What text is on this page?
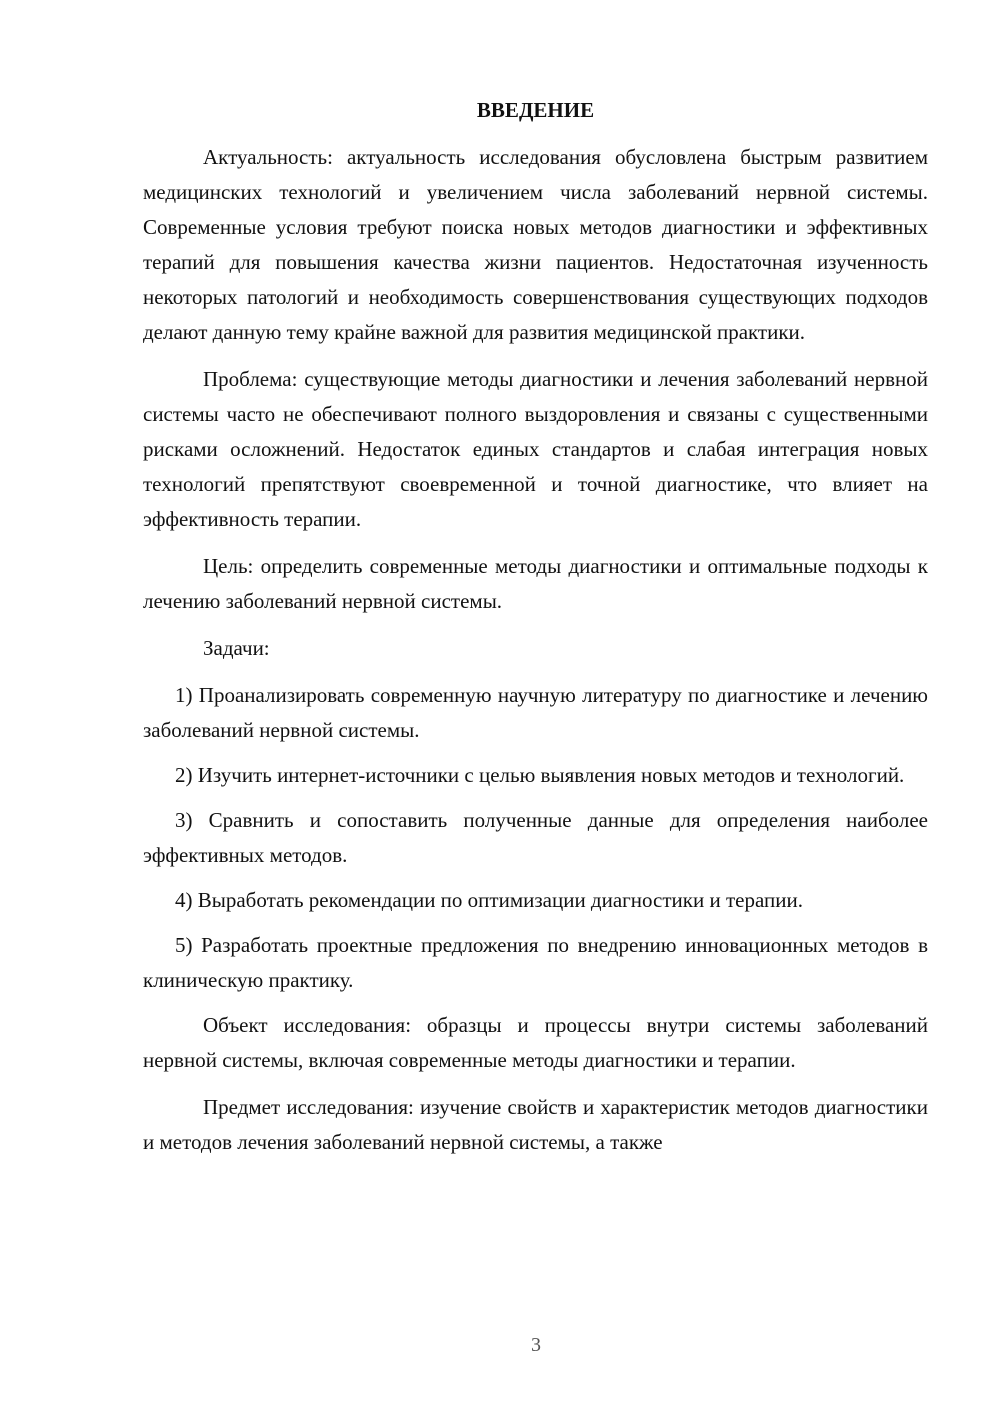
ВВЕДЕНИЕ

Актуальность: актуальность исследования обусловлена быстрым развитием медицинских технологий и увеличением числа заболеваний нервной системы. Современные условия требуют поиска новых методов диагностики и эффективных терапий для повышения качества жизни пациентов. Недостаточная изученность некоторых патологий и необходимость совершенствования существующих подходов делают данную тему крайне важной для развития медицинской практики.

Проблема: существующие методы диагностики и лечения заболеваний нервной системы часто не обеспечивают полного выздоровления и связаны с существенными рисками осложнений. Недостаток единых стандартов и слабая интеграция новых технологий препятствуют своевременной и точной диагностике, что влияет на эффективность терапии.

Цель: определить современные методы диагностики и оптимальные подходы к лечению заболеваний нервной системы.

Задачи:

1) Проанализировать современную научную литературу по диагностике и лечению заболеваний нервной системы.

2) Изучить интернет-источники с целью выявления новых методов и технологий.

3) Сравнить и сопоставить полученные данные для определения наиболее эффективных методов.

4) Выработать рекомендации по оптимизации диагностики и терапии.

5) Разработать проектные предложения по внедрению инновационных методов в клиническую практику.

Объект исследования: образцы и процессы внутри системы заболеваний нервной системы, включая современные методы диагностики и терапии.

Предмет исследования: изучение свойств и характеристик методов диагностики и методов лечения заболеваний нервной системы, а также

3
